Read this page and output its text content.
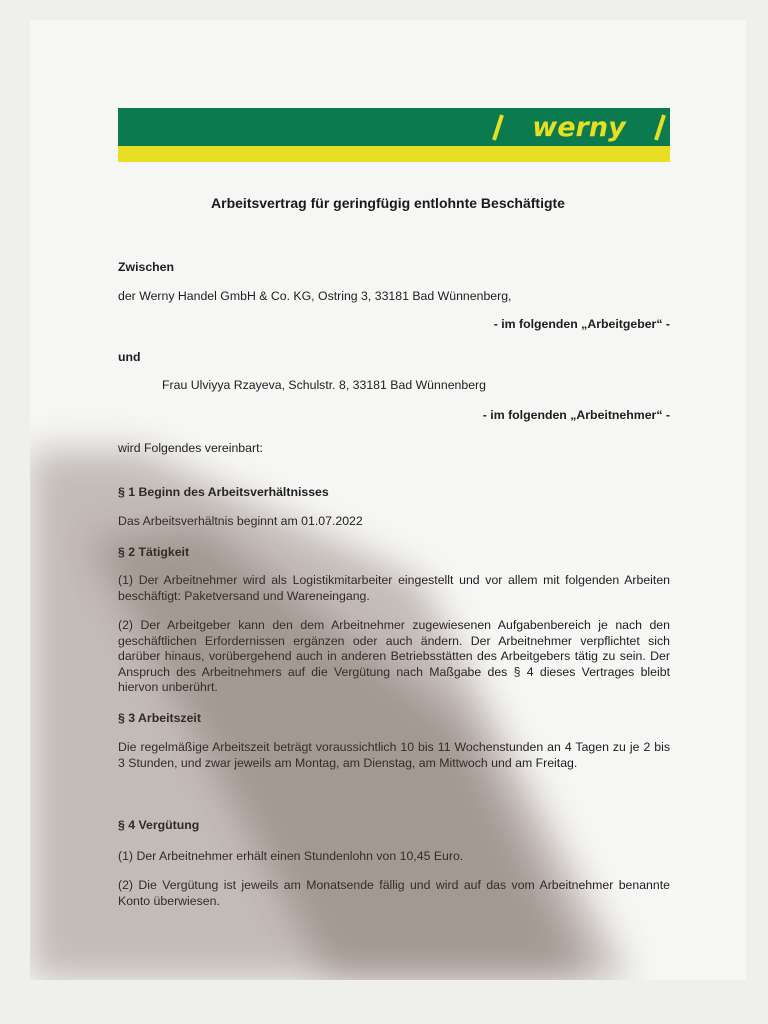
werny
Arbeitsvertrag für geringfügig entlohnte Beschäftigte
Zwischen
der Werny Handel GmbH & Co. KG, Ostring 3, 33181 Bad Wünnenberg,
- im folgenden „Arbeitgeber“ -
und
Frau Ulviyya Rzayeva, Schulstr. 8, 33181 Bad Wünnenberg
- im folgenden „Arbeitnehmer“ -
wird Folgendes vereinbart:
§ 1 Beginn des Arbeitsverhältnisses
Das Arbeitsverhältnis beginnt am 01.07.2022
§ 2 Tätigkeit
(1) Der Arbeitnehmer wird als Logistikmitarbeiter eingestellt und vor allem mit folgenden Arbeiten beschäftigt: Paketversand und Wareneingang.
(2) Der Arbeitgeber kann den dem Arbeitnehmer zugewiesenen Aufgabenbereich je nach den geschäftlichen Erfordernissen ergänzen oder auch ändern. Der Arbeitnehmer verpflichtet sich darüber hinaus, vorübergehend auch in anderen Betriebsstätten des Arbeitgebers tätig zu sein. Der Anspruch des Arbeitnehmers auf die Vergütung nach Maßgabe des § 4 dieses Vertrages bleibt hiervon unberührt.
§ 3 Arbeitszeit
Die regelmäßige Arbeitszeit beträgt voraussichtlich 10 bis 11 Wochenstunden an 4 Tagen zu je 2 bis 3 Stunden, und zwar jeweils am Montag, am Dienstag, am Mittwoch und am Freitag.
§ 4 Vergütung
(1) Der Arbeitnehmer erhält einen Stundenlohn von 10,45 Euro.
(2) Die Vergütung ist jeweils am Monatsende fällig und wird auf das vom Arbeitnehmer benannte Konto überwiesen.
